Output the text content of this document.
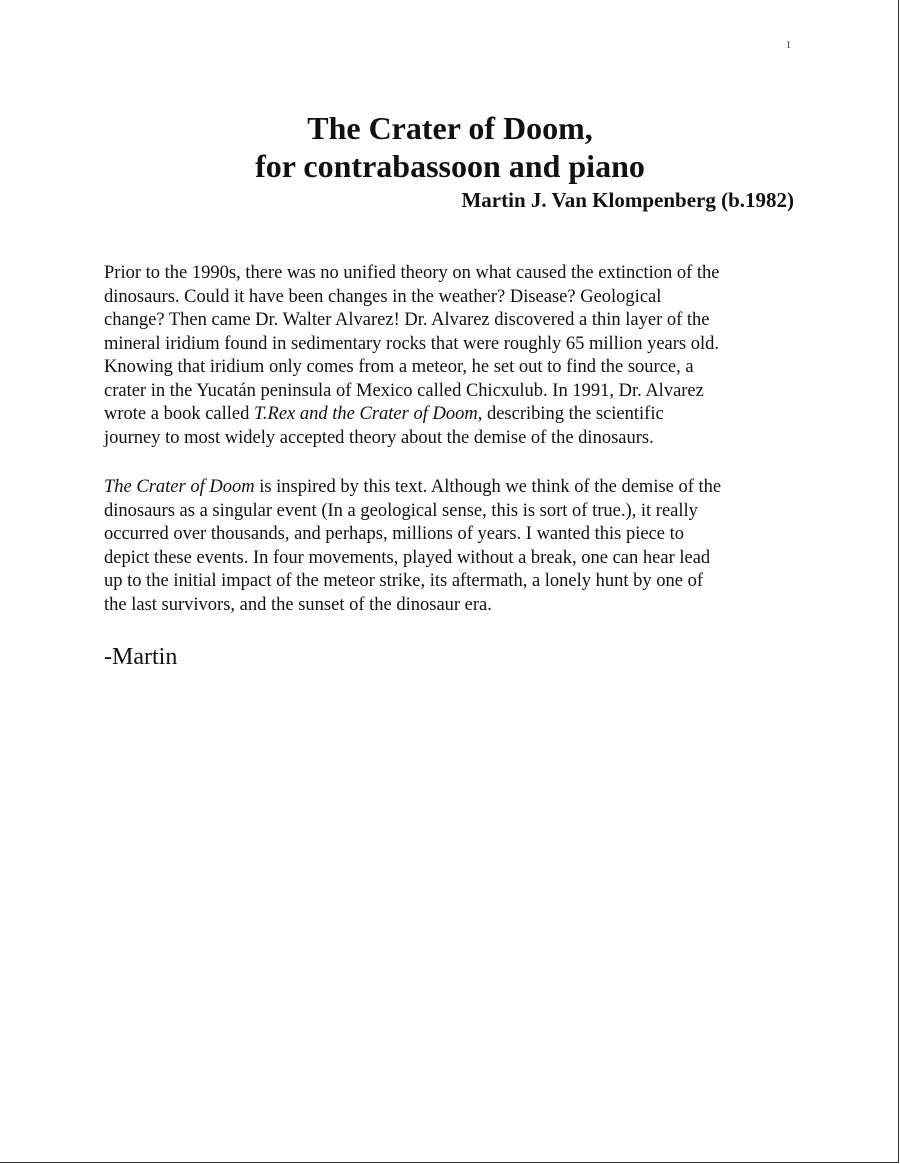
1
The Crater of Doom,
for contrabassoon and piano
Martin J. Van Klompenberg (b.1982)
Prior to the 1990s, there was no unified theory on what caused the extinction of the
dinosaurs. Could it have been changes in the weather? Disease? Geological
change? Then came Dr. Walter Alvarez! Dr. Alvarez discovered a thin layer of the
mineral iridium found in sedimentary rocks that were roughly 65 million years old.
Knowing that iridium only comes from a meteor, he set out to find the source, a
crater in the Yucatán peninsula of Mexico called Chicxulub. In 1991, Dr. Alvarez
wrote a book called T.Rex and the Crater of Doom, describing the scientific
journey to most widely accepted theory about the demise of the dinosaurs.
The Crater of Doom is inspired by this text. Although we think of the demise of the
dinosaurs as a singular event (In a geological sense, this is sort of true.), it really
occurred over thousands, and perhaps, millions of years. I wanted this piece to
depict these events. In four movements, played without a break, one can hear lead
up to the initial impact of the meteor strike, its aftermath, a lonely hunt by one of
the last survivors, and the sunset of the dinosaur era.
-Martin
